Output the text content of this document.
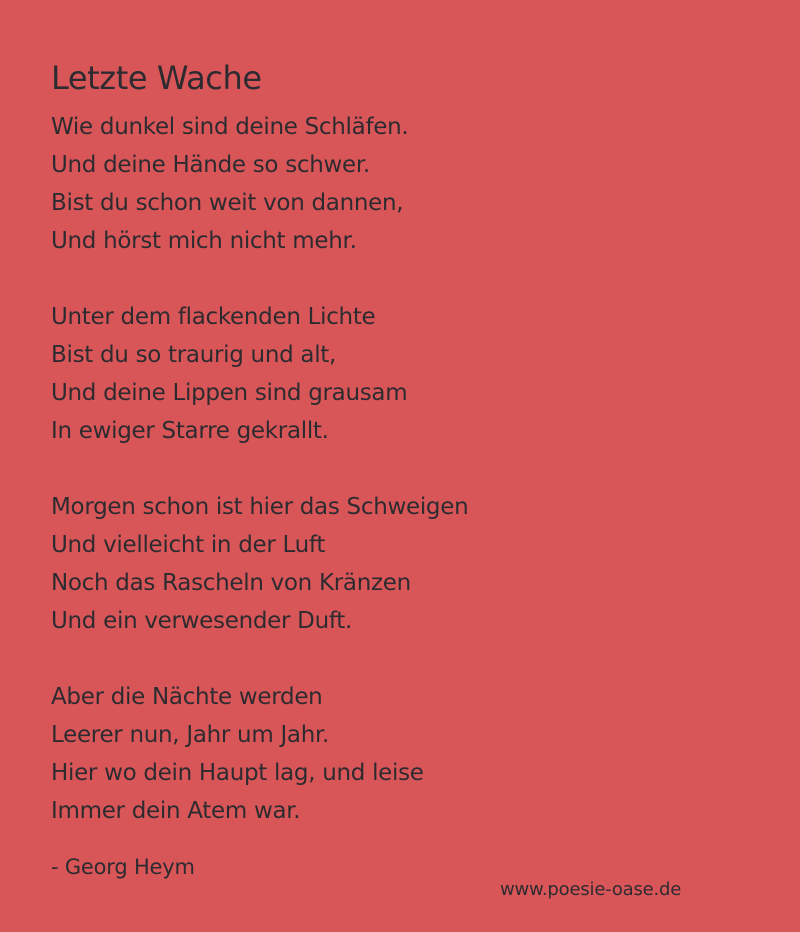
Letzte Wache
Wie dunkel sind deine Schläfen.
Und deine Hände so schwer.
Bist du schon weit von dannen,
Und hörst mich nicht mehr.
Unter dem flackenden Lichte
Bist du so traurig und alt,
Und deine Lippen sind grausam
In ewiger Starre gekrallt.
Morgen schon ist hier das Schweigen
Und vielleicht in der Luft
Noch das Rascheln von Kränzen
Und ein verwesender Duft.
Aber die Nächte werden
Leerer nun, Jahr um Jahr.
Hier wo dein Haupt lag, und leise
Immer dein Atem war.
- Georg Heym
www.poesie-oase.de
